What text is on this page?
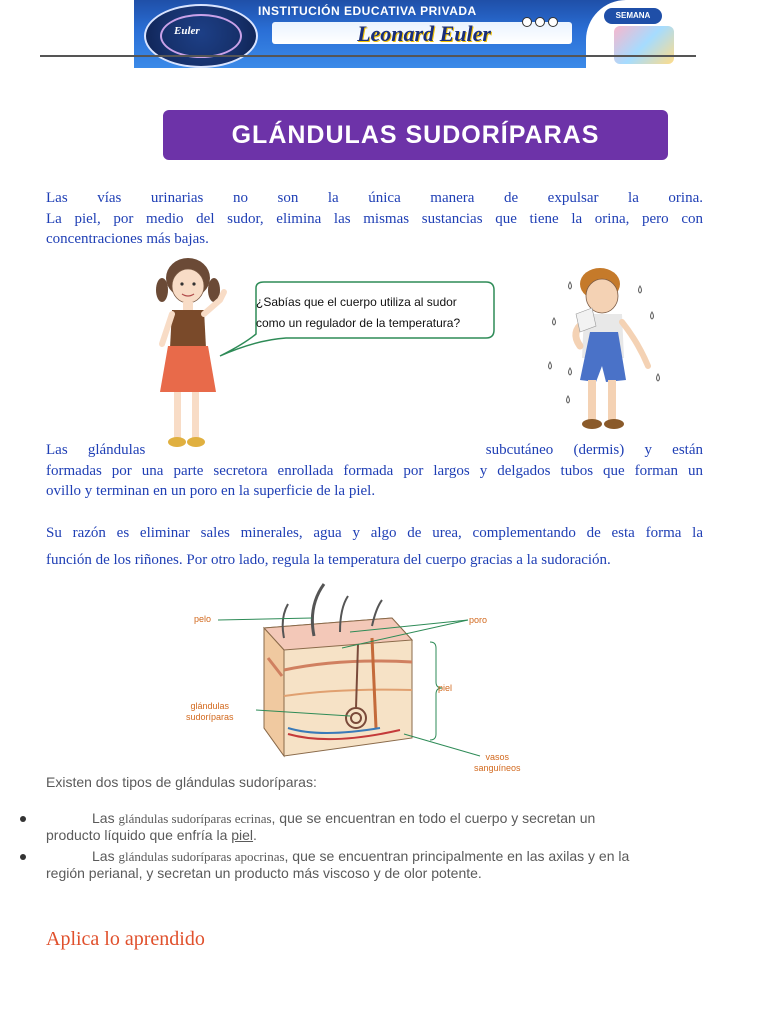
Euler
INSTITUCIÓN EDUCATIVA PRIVADA
Leonard Euler
SEMANA
GLÁNDULAS SUDORÍPARAS
Las vías urinarias no son la única manera de expulsar la orina.
La piel, por medio del sudor, elimina las mismas sustancias que tiene la orina, pero con
concentraciones más bajas.
¿Sabías que el cuerpo utiliza al sudor
como un regulador de la temperatura?
Las glándulas	subcutáneo (dermis) y están
formadas por una parte secretora enrollada formada por largos y delgados tubos que forman un
ovillo y terminan en un poro en la superficie de la piel.
Su razón es eliminar sales minerales, agua y algo de urea, complementando de esta forma la
función de los riñones. Por otro lado, regula la temperatura del cuerpo gracias a la sudoración.
pelo	poro
piel
glándulas
sudoríparas
vasos
sanguíneos
Existen dos tipos de glándulas sudoríparas:
Las glándulas sudoríparas ecrinas, que se encuentran en todo el cuerpo y secretan un
producto líquido que enfría la piel.
Las glándulas sudoríparas apocrinas, que se encuentran principalmente en las axilas y en la
región perianal, y secretan un producto más viscoso y de olor potente.
Aplica lo aprendido
